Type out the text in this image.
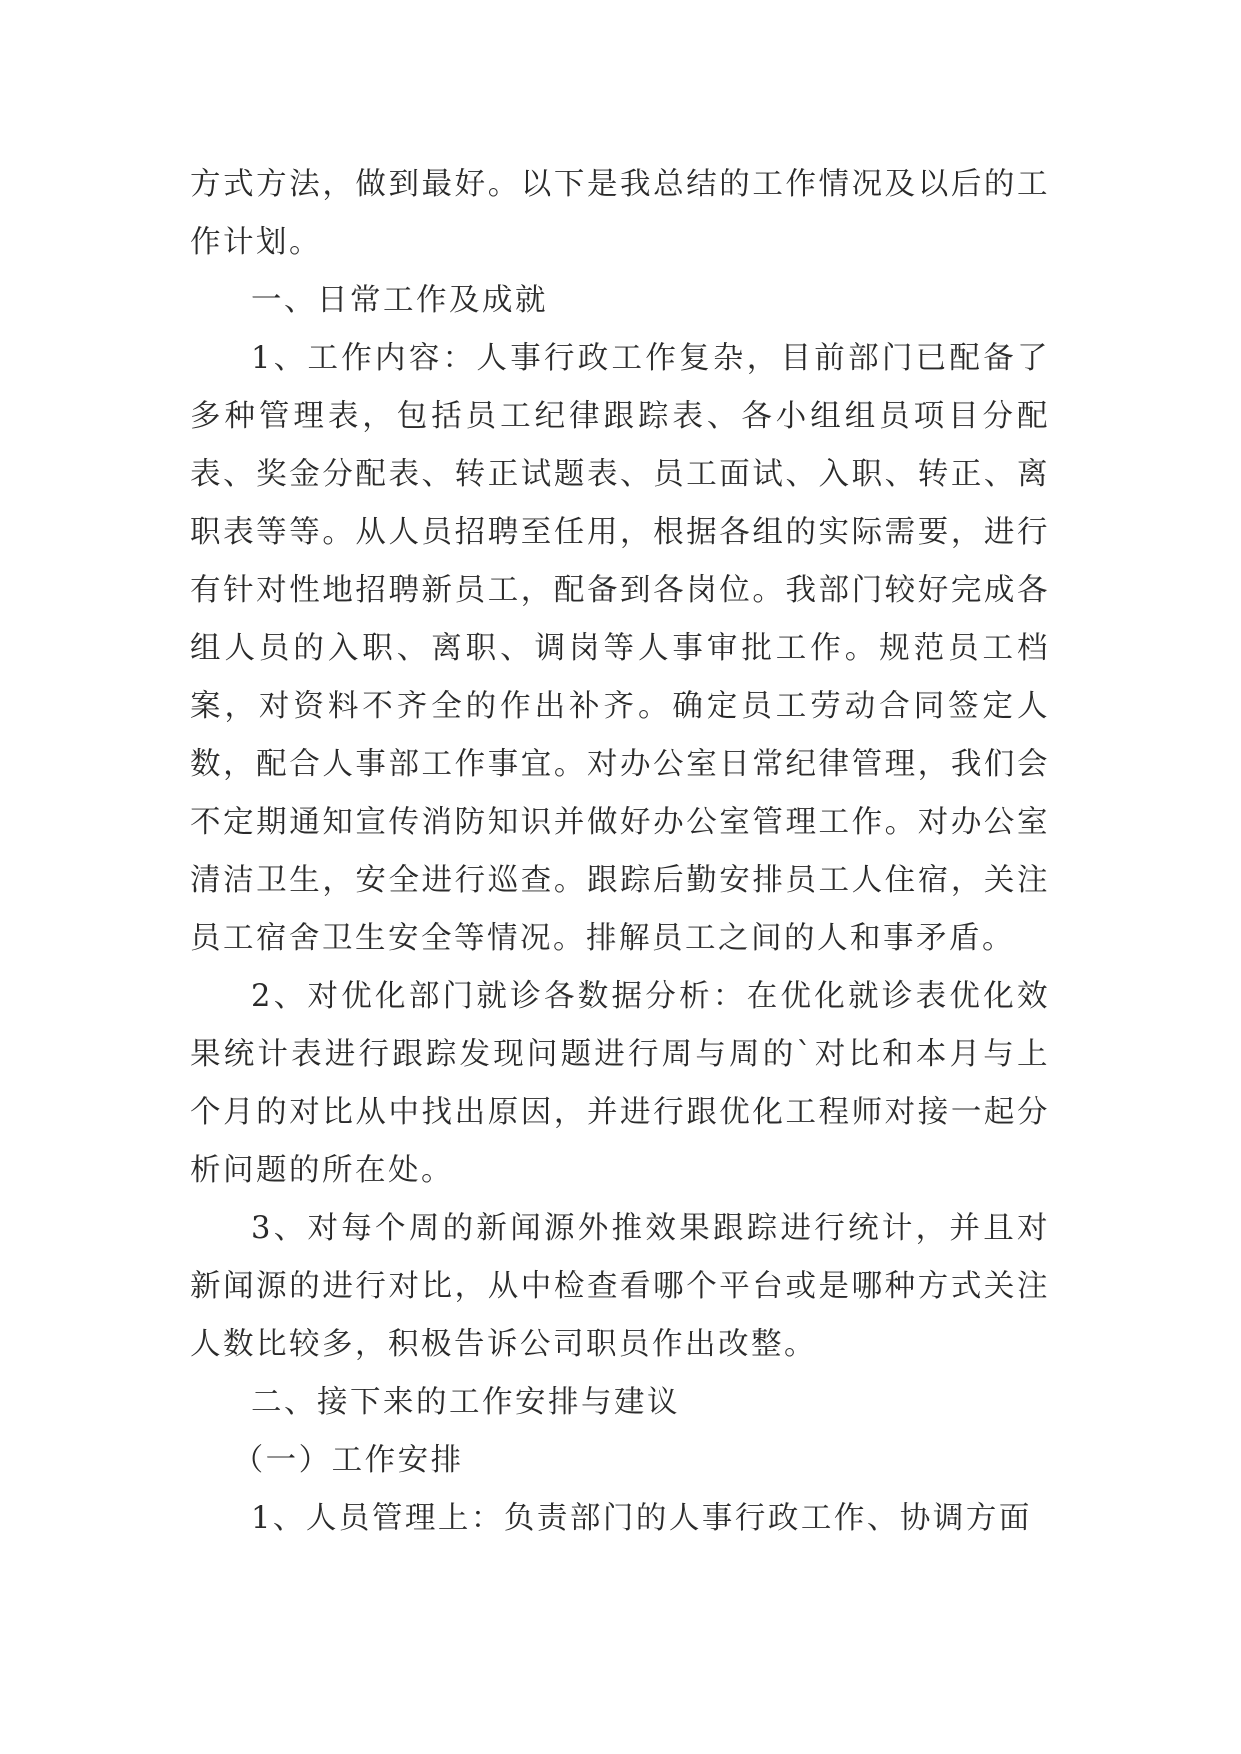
方式方法，做到最好。以下是我总结的工作情况及以后的工作计划。

一、日常工作及成就

1、工作内容：人事行政工作复杂，目前部门已配备了多种管理表，包括员工纪律跟踪表、各小组组员项目分配表、奖金分配表、转正试题表、员工面试、入职、转正、离职表等等。从人员招聘至任用，根据各组的实际需要，进行有针对性地招聘新员工，配备到各岗位。我部门较好完成各组人员的入职、离职、调岗等人事审批工作。规范员工档案，对资料不齐全的作出补齐。确定员工劳动合同签定人数，配合人事部工作事宜。对办公室日常纪律管理，我们会不定期通知宣传消防知识并做好办公室管理工作。对办公室清洁卫生，安全进行巡查。跟踪后勤安排员工人住宿，关注员工宿舍卫生安全等情况。排解员工之间的人和事矛盾。

2、对优化部门就诊各数据分析：在优化就诊表优化效果统计表进行跟踪发现问题进行周与周的`对比和本月与上个月的对比从中找出原因，并进行跟优化工程师对接一起分析问题的所在处。

3、对每个周的新闻源外推效果跟踪进行统计，并且对新闻源的进行对比，从中检查看哪个平台或是哪种方式关注人数比较多，积极告诉公司职员作出改整。

二、接下来的工作安排与建议

（一）工作安排

1、人员管理上：负责部门的人事行政工作、协调方面
